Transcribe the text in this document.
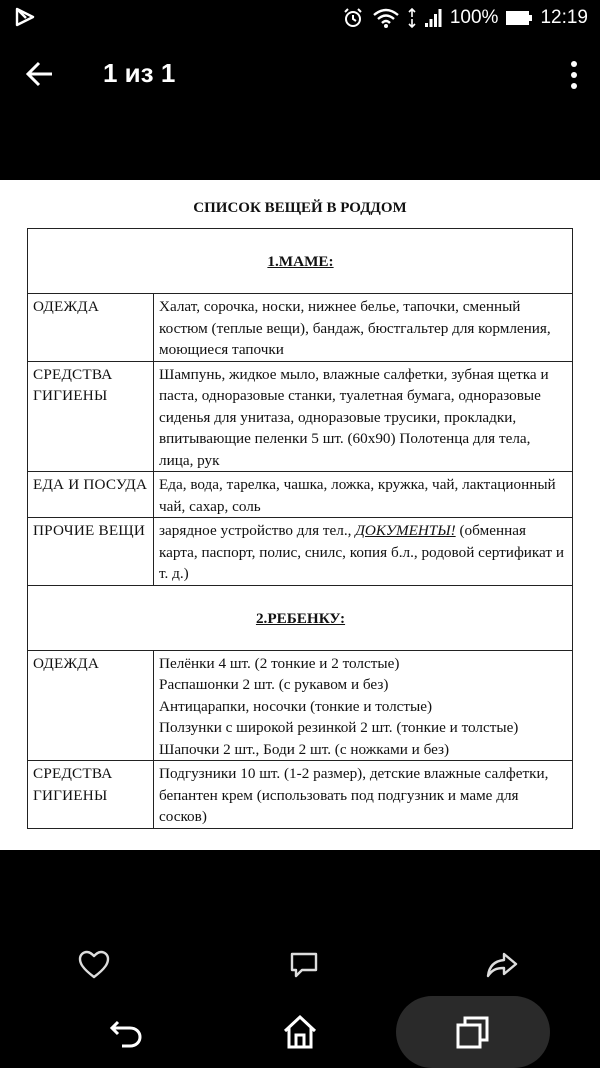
100% 12:19
1 из 1
СПИСОК ВЕЩЕЙ В РОДДОМ
1.МАМЕ:	
ОДЕЖДА	Халат, сорочка, носки, нижнее белье, тапочки, сменный костюм (теплые вещи), бандаж, бюстгальтер для кормления, моющиеся тапочки
СРЕДСТВА ГИГИЕНЫ	Шампунь, жидкое мыло, влажные салфетки, зубная щетка и паста, одноразовые станки, туалетная бумага, одноразовые сиденья для унитаза, одноразовые трусики, прокладки, впитывающие пеленки 5 шт. (60х90) Полотенца для тела, лица, рук
ЕДА И ПОСУДА	Еда, вода, тарелка, чашка, ложка, кружка, чай, лактационный чай, сахар, соль
ПРОЧИЕ ВЕЩИ	зарядное устройство для тел., ДОКУМЕНТЫ! (обменная карта, паспорт, полис, снилс, копия б.л., родовой сертификат и т. д.)
2.РЕБЕНКУ:	
ОДЕЖДА	Пелёнки 4 шт. (2 тонкие и 2 толстые)
Распашонки 2 шт. (с рукавом и без)
Антицарапки, носочки (тонкие и толстые)
Ползунки с широкой резинкой 2 шт. (тонкие и толстые)
Шапочки 2 шт., Боди 2 шт. (с ножками и без)

СРЕДСТВА ГИГИЕНЫ	Подгузники 10 шт. (1-2 размер), детские влажные салфетки, бепантен крем (использовать под подгузник и маме для сосков)
